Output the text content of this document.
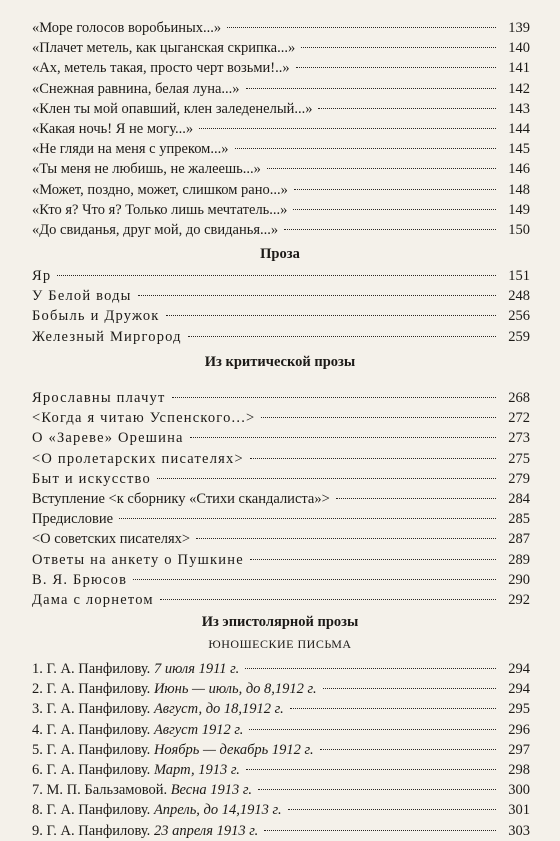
«Море голосов воробьиных...»	139
«Плачет метель, как цыганская скрипка...»	140
«Ах, метель такая, просто черт возьми!..»	141
«Снежная равнина, белая луна...»	142
«Клен ты мой опавший, клен заледенелый...»	143
«Какая ночь! Я не могу...»	144
«Не гляди на меня с упреком...»	145
«Ты меня не любишь, не жалеешь...»	146
«Может, поздно, может, слишком рано...»	148
«Кто я? Что я? Только лишь мечтатель...»	149
«До свиданья, друг мой, до свиданья...»	150
Проза
Яр	151
У Белой воды	248
Бобыль и Дружок	256
Железный Миргород	259
Из критической прозы
Ярославны плачут	268
<Когда я читаю Успенского...>	272
О «Зареве» Орешина	273
<О пролетарских писателях>	275
Быт и искусство	279
Вступление <к сборнику «Стихи скандалиста»>	284
Предисловие	285
<О советских писателях>	287
Ответы на анкету о Пушкине	289
В. Я. Брюсов	290
Дама с лорнетом	292
Из эпистолярной прозы
ЮНОШЕСКИЕ ПИСЬМА
1. Г. А. Панфилову. 7 июля 1911 г.	294
2. Г. А. Панфилову. Июнь — июль, до 8,1912 г.	294
3. Г. А. Панфилову. Август, до 18,1912 г.	295
4. Г. А. Панфилову. Август 1912 г.	296
5. Г. А. Панфилову. Ноябрь — декабрь 1912 г.	297
6. Г. А. Панфилову. Март, 1913 г.	298
7. М. П. Бальзамовой. Весна 1913 г.	300
8. Г. А. Панфилову. Апрель, до 14,1913 г.	301
9. Г. А. Панфилову. 23 апреля 1913 г.	303
